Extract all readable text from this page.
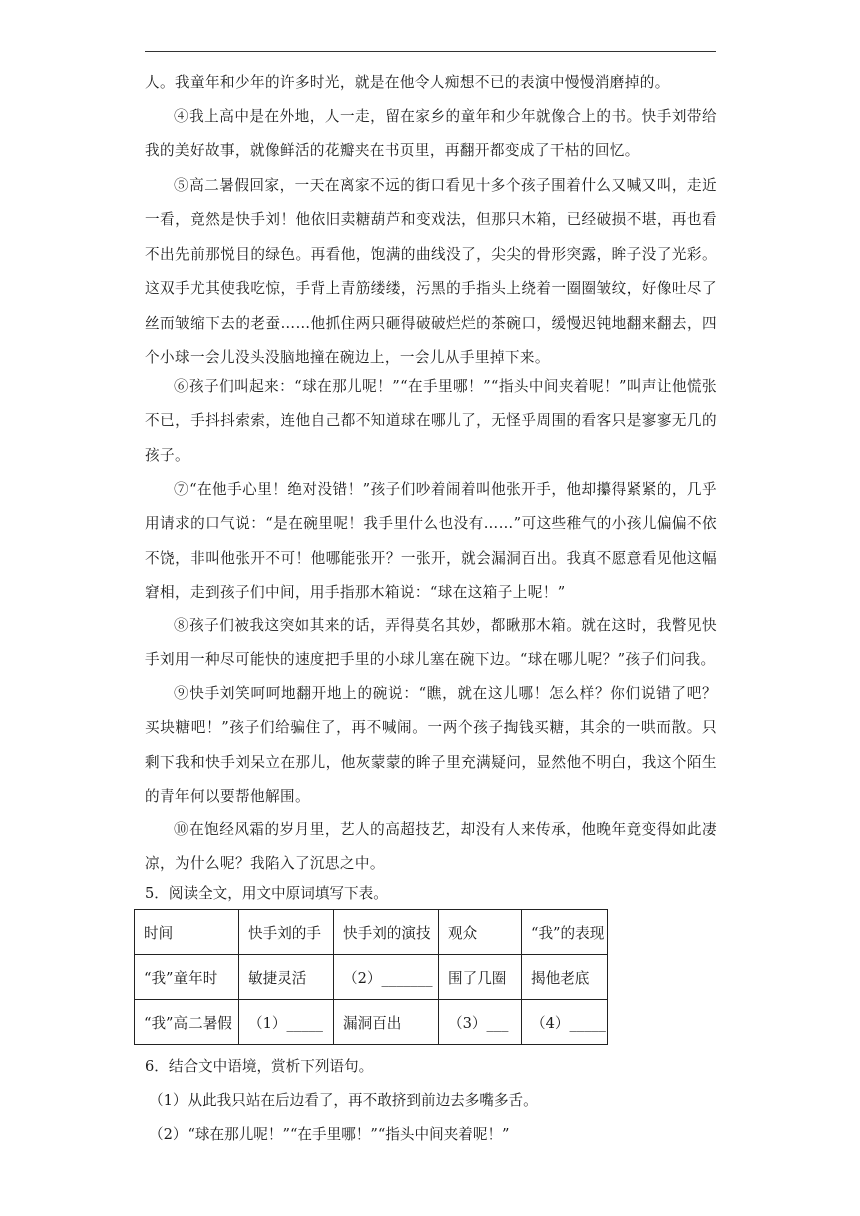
人。我童年和少年的许多时光，就是在他令人痴想不已的表演中慢慢消磨掉的。

④我上高中是在外地，人一走，留在家乡的童年和少年就像合上的书。快手刘带给我的美好故事，就像鲜活的花瓣夹在书页里，再翻开都变成了干枯的回忆。

⑤高二暑假回家，一天在离家不远的街口看见十多个孩子围着什么又喊又叫，走近一看，竟然是快手刘！他依旧卖糖葫芦和变戏法，但那只木箱，已经破损不堪，再也看不出先前那悦目的绿色。再看他，饱满的曲线没了，尖尖的骨形突露，眸子没了光彩。这双手尤其使我吃惊，手背上青筋缕缕，污黑的手指头上绕着一圈圈皱纹，好像吐尽了丝而皱缩下去的老蚕……他抓住两只砸得破破烂烂的茶碗口，缓慢迟钝地翻来翻去，四个小球一会儿没头没脑地撞在碗边上，一会儿从手里掉下来。

⑥孩子们叫起来：“球在那儿呢！”“在手里哪！”“指头中间夹着呢！”叫声让他慌张不已，手抖抖索索，连他自己都不知道球在哪儿了，无怪乎周围的看客只是寥寥无几的孩子。

⑦“在他手心里！绝对没错！”孩子们吵着闹着叫他张开手，他却攥得紧紧的，几乎用请求的口气说：“是在碗里呢！我手里什么也没有……”可这些稚气的小孩儿偏偏不依不饶，非叫他张开不可！他哪能张开？一张开，就会漏洞百出。我真不愿意看见他这幅窘相，走到孩子们中间，用手指那木箱说：“球在这箱子上呢！”

⑧孩子们被我这突如其来的话，弄得莫名其妙，都瞅那木箱。就在这时，我瞥见快手刘用一种尽可能快的速度把手里的小球儿塞在碗下边。“球在哪儿呢？”孩子们问我。

⑨快手刘笑呵呵地翻开地上的碗说：“瞧，就在这儿哪！怎么样？你们说错了吧？买块糖吧！”孩子们给骗住了，再不喊闹。一两个孩子掏钱买糖，其余的一哄而散。只剩下我和快手刘呆立在那儿，他灰蒙蒙的眸子里充满疑问，显然他不明白，我这个陌生的青年何以要帮他解围。

⑩在饱经风霜的岁月里，艺人的高超技艺，却没有人来传承，他晚年竟变得如此凄凉，为什么呢？我陷入了沉思之中。

5．阅读全文，用文中原词填写下表。

时间	快手刘的手	快手刘的演技	观众	“我”的表现
“我”童年时	敏捷灵活	（2）_______	围了几圈	揭他老底
“我”高二暑假	（1）_____	漏洞百出	（3）___	（4）_____

6．结合文中语境，赏析下列语句。

（1）从此我只站在后边看了，再不敢挤到前边去多嘴多舌。

（2）“球在那儿呢！”“在手里哪！”“指头中间夹着呢！”
